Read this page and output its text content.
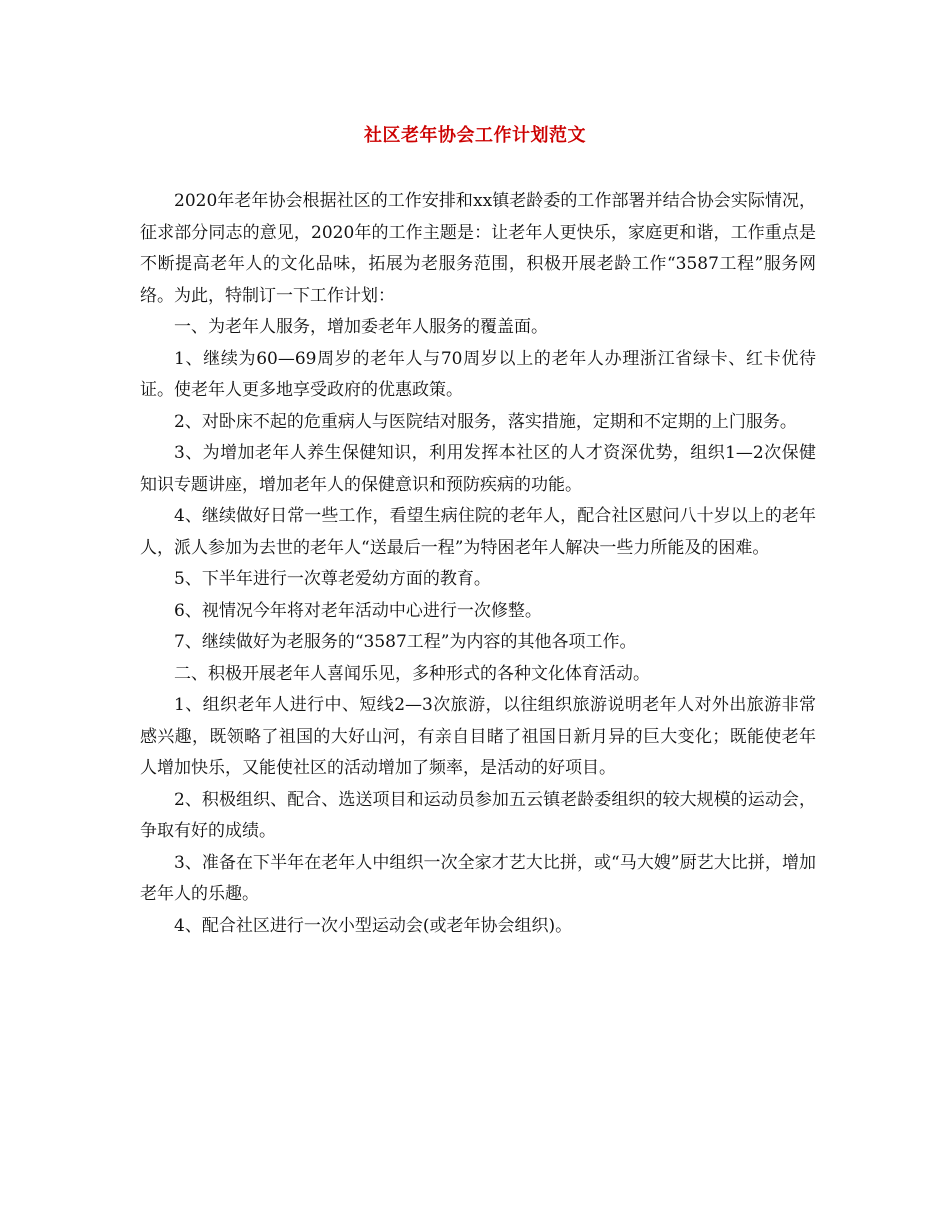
社区老年协会工作计划范文

2020年老年协会根据社区的工作安排和xx镇老龄委的工作部署并结合协会实际情况，征求部分同志的意见，2020年的工作主题是：让老年人更快乐，家庭更和谐，工作重点是不断提高老年人的文化品味，拓展为老服务范围，积极开展老龄工作“3587工程”服务网络。为此，特制订一下工作计划：

一、为老年人服务，增加委老年人服务的覆盖面。

1、继续为60—69周岁的老年人与70周岁以上的老年人办理浙江省绿卡、红卡优待证。使老年人更多地享受政府的优惠政策。

2、对卧床不起的危重病人与医院结对服务，落实措施，定期和不定期的上门服务。

3、为增加老年人养生保健知识，利用发挥本社区的人才资深优势，组织1—2次保健知识专题讲座，增加老年人的保健意识和预防疾病的功能。

4、继续做好日常一些工作，看望生病住院的老年人，配合社区慰问八十岁以上的老年人，派人参加为去世的老年人“送最后一程”为特困老年人解决一些力所能及的困难。

5、下半年进行一次尊老爱幼方面的教育。

6、视情况今年将对老年活动中心进行一次修整。

7、继续做好为老服务的“3587工程”为内容的其他各项工作。

二、积极开展老年人喜闻乐见，多种形式的各种文化体育活动。

1、组织老年人进行中、短线2—3次旅游，以往组织旅游说明老年人对外出旅游非常感兴趣，既领略了祖国的大好山河，有亲自目睹了祖国日新月异的巨大变化；既能使老年人增加快乐，又能使社区的活动增加了频率，是活动的好项目。

2、积极组织、配合、选送项目和运动员参加五云镇老龄委组织的较大规模的运动会，争取有好的成绩。

3、准备在下半年在老年人中组织一次全家才艺大比拼，或“马大嫂”厨艺大比拼，增加老年人的乐趣。

4、配合社区进行一次小型运动会(或老年协会组织)。
